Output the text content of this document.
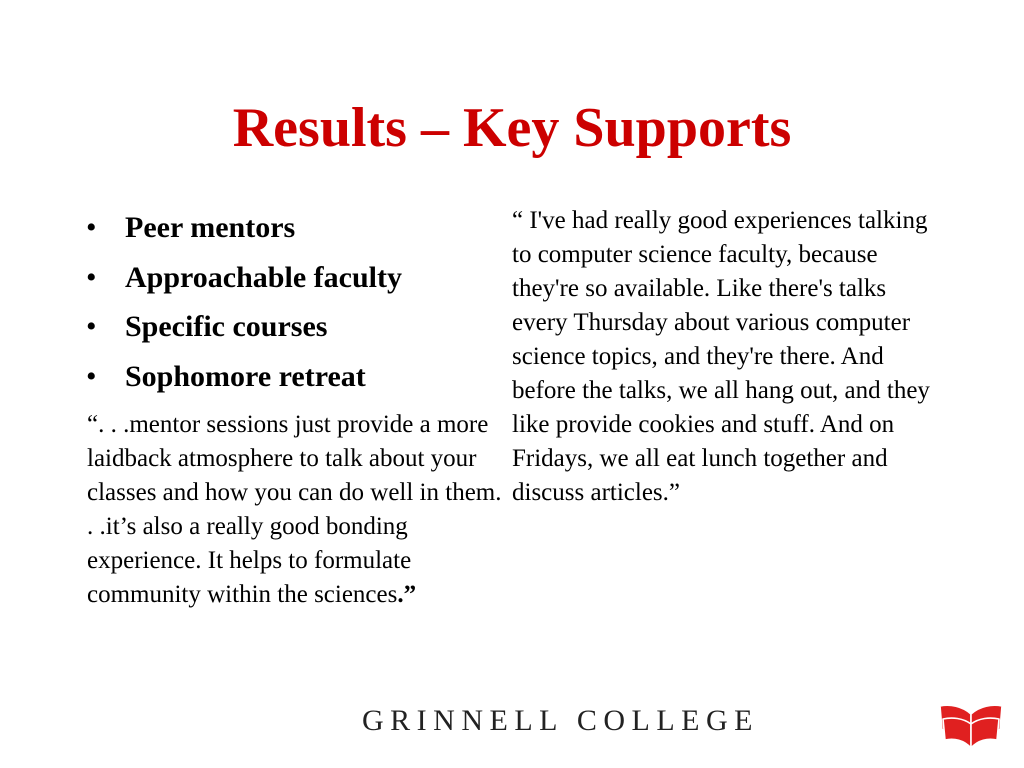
Results – Key Supports
• Peer mentors
• Approachable faculty
• Specific courses
• Sophomore retreat

“. . .mentor sessions just provide a more laidback atmosphere to talk about your classes and how you can do well in them. . .it’s also a really good bonding experience. It helps to formulate community within the sciences.”

“ I've had really good experiences talking to computer science faculty, because they're so available. Like there's talks every Thursday about various computer science topics, and they're there. And before the talks, we all hang out, and they like provide cookies and stuff. And on Fridays, we all eat lunch together and discuss articles.”

GRINNELL COLLEGE
